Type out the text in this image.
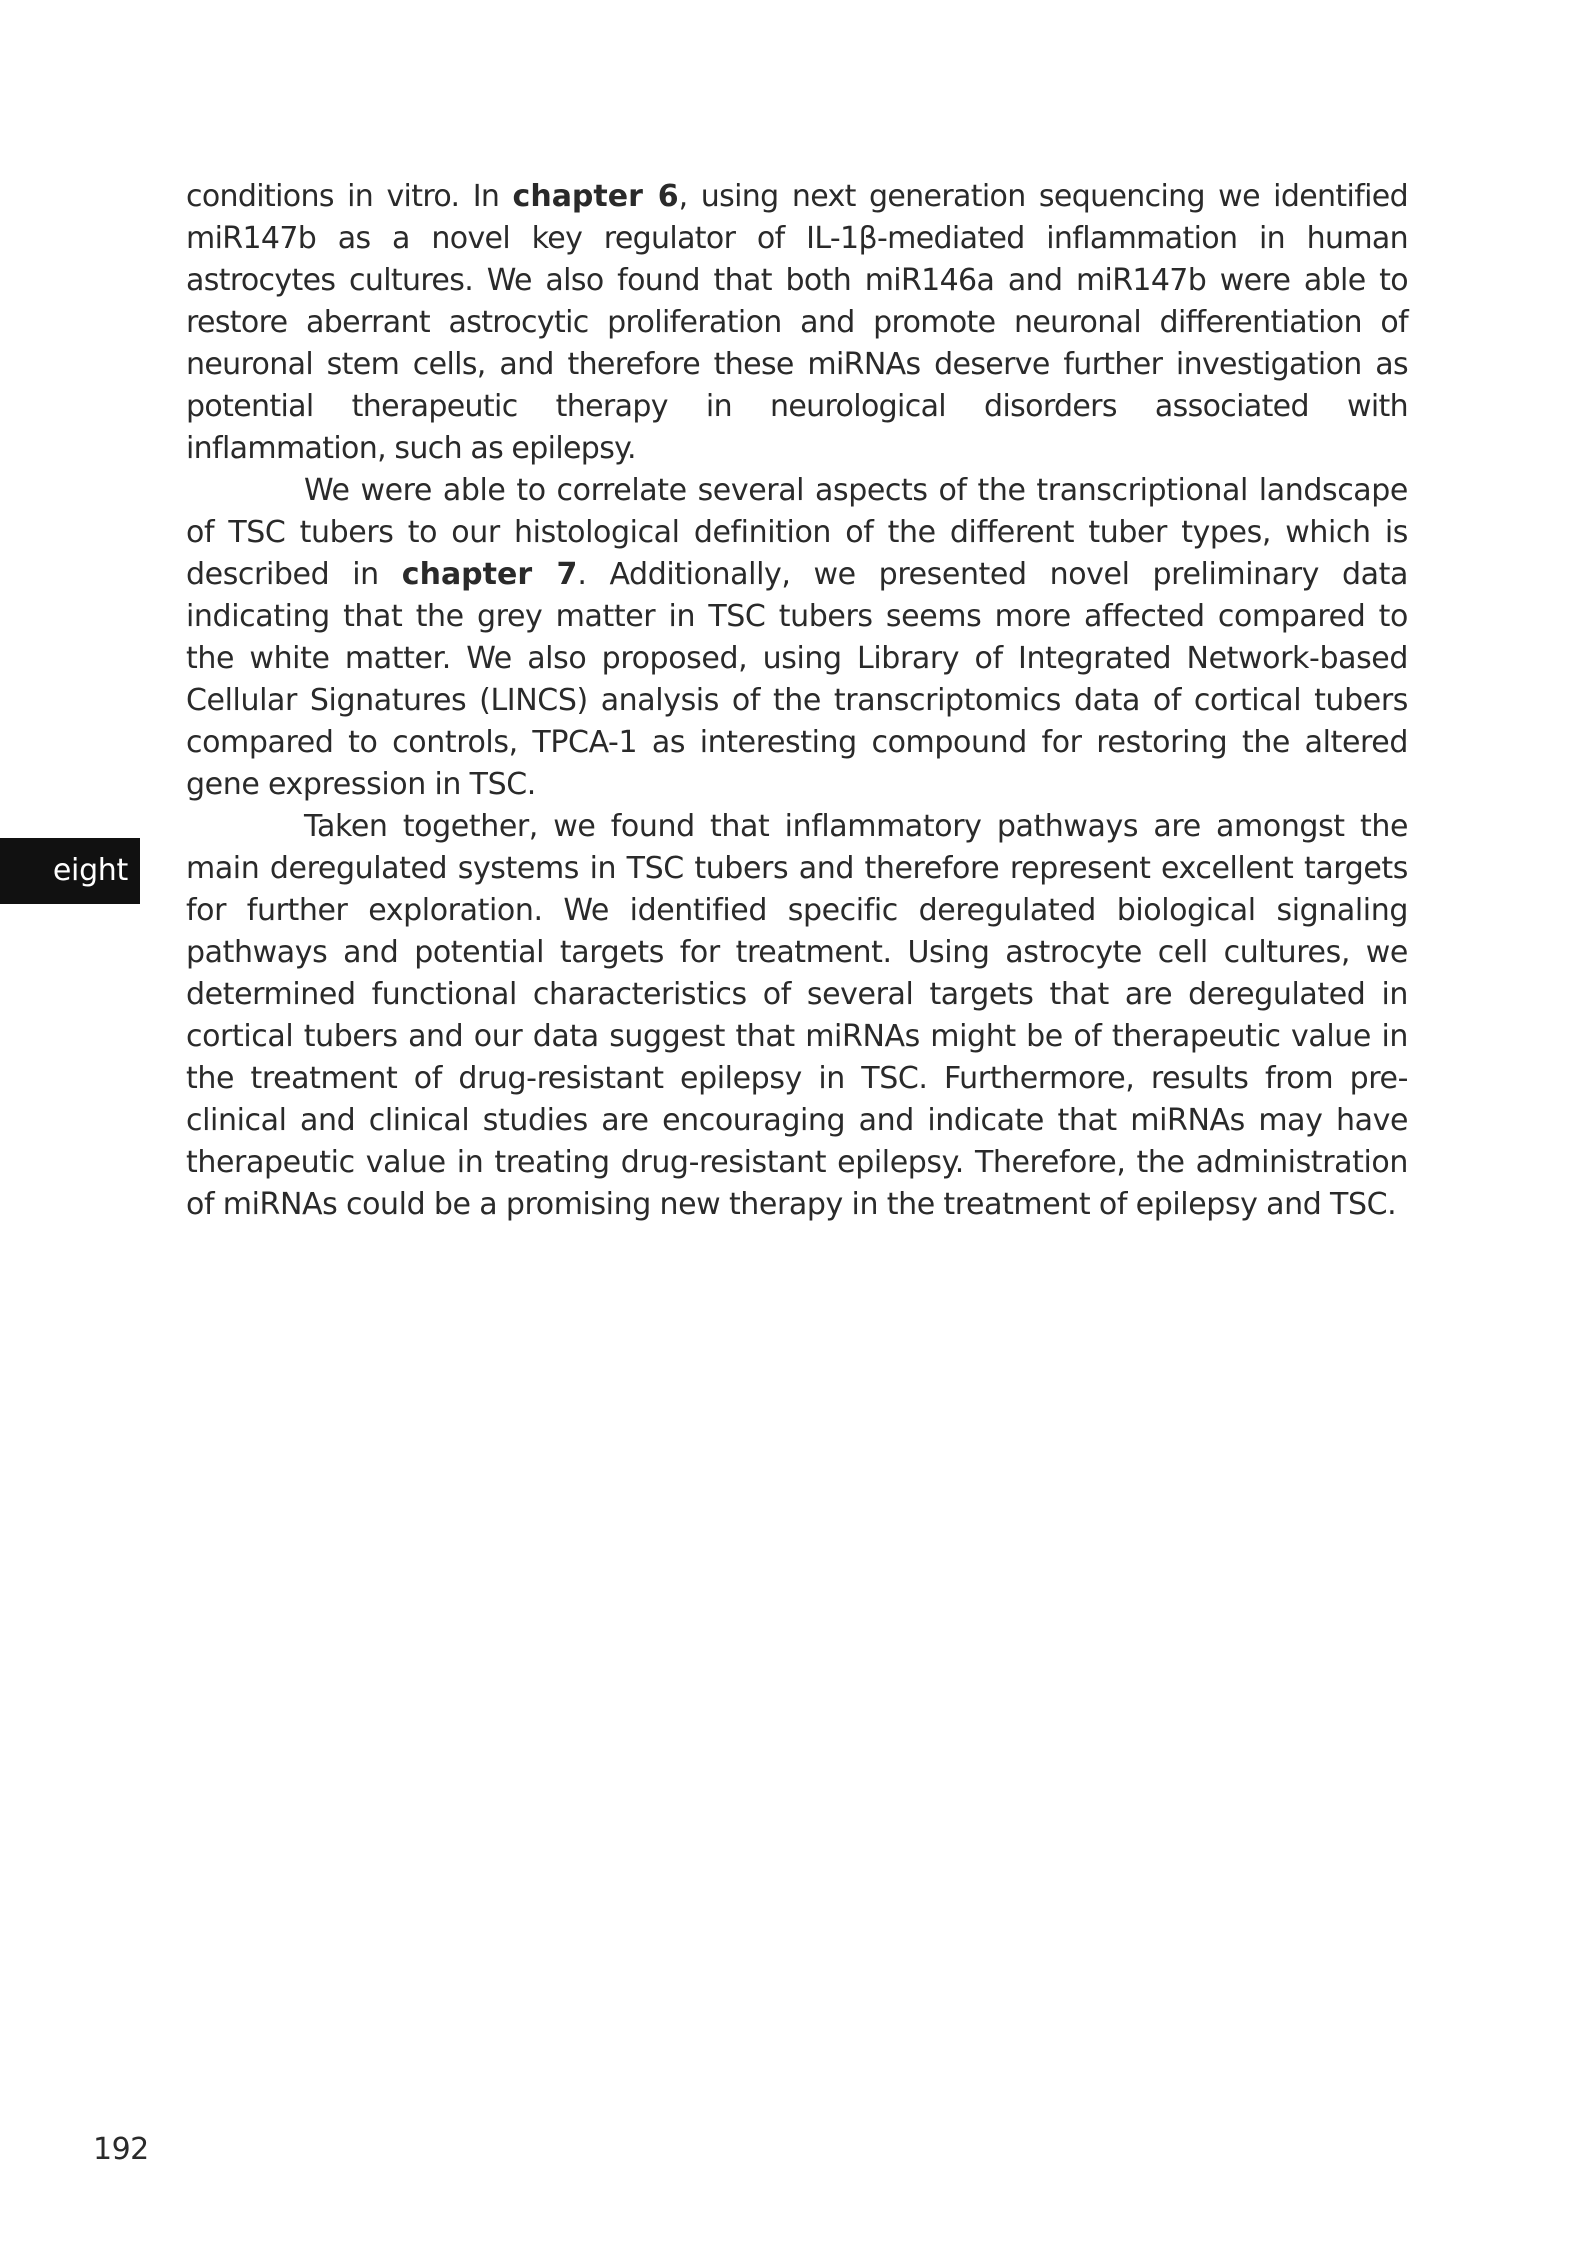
eight

conditions in vitro. In chapter 6, using next generation sequencing we identified miR147b as a novel key regulator of IL-1β-mediated inflammation in human astrocytes cultures. We also found that both miR146a and miR147b were able to restore aberrant astrocytic proliferation and promote neuronal differentiation of neuronal stem cells, and therefore these miRNAs deserve further investigation as potential therapeutic therapy in neurological disorders associated with inflammation, such as epilepsy.

We were able to correlate several aspects of the transcriptional landscape of TSC tubers to our histological definition of the different tuber types, which is described in chapter 7. Additionally, we presented novel preliminary data indicating that the grey matter in TSC tubers seems more affected compared to the white matter. We also proposed, using Library of Integrated Network-based Cellular Signatures (LINCS) analysis of the transcriptomics data of cortical tubers compared to controls, TPCA-1 as interesting compound for restoring the altered gene expression in TSC.

Taken together, we found that inflammatory pathways are amongst the main deregulated systems in TSC tubers and therefore represent excellent targets for further exploration. We identified specific deregulated biological signaling pathways and potential targets for treatment. Using astrocyte cell cultures, we determined functional characteristics of several targets that are deregulated in cortical tubers and our data suggest that miRNAs might be of therapeutic value in the treatment of drug-resistant epilepsy in TSC. Furthermore, results from pre-clinical and clinical studies are encouraging and indicate that miRNAs may have therapeutic value in treating drug-resistant epilepsy. Therefore, the administration of miRNAs could be a promising new therapy in the treatment of epilepsy and TSC.

192
